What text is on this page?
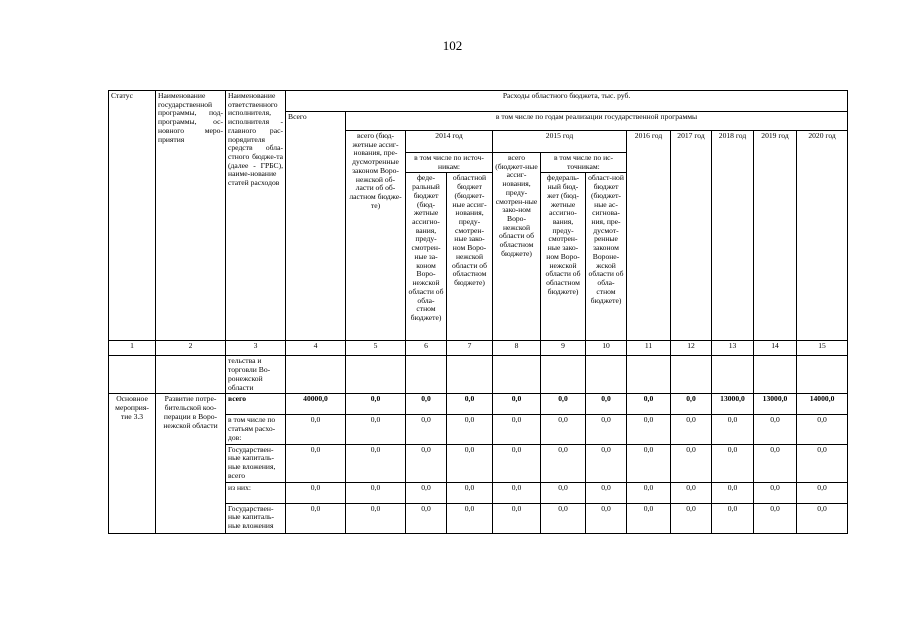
102
Статус	Наименование государственной программы, под-программы, ос-новного меро-приятия	Наименование ответственного исполнителя, исполнителя - главного рас-порядителя средств обла-стного бюдже-та (далее - ГРБС), наиме-нование статей расходов	Расходы областного бюджета, тыс. руб.											
			Всего	в том числе по годам реализации государственной программы										
				всего (бюд-жетные ассиг-нования, пре-дусмотренные законом Воро-нежской об-ласти об об-ластном бюдже-те)	2014 год		2015 год			2016 год	2017 год	2018 год	2019 год	2020 год
					в том числе по источ-никам:		всего (бюджет-ные ассиг-нования, преду-смотрен-ные зако-ном Воро-нежской области об областном бюджете)	в том числе по ис-точникам:						
					феде-ральный бюджет (бюд-жетные ассигно-вания, преду-смотрен-ные за-коном Воро-нежской области об обла-стном бюджете)	областной бюджет (бюджет-ные ассиг-нования, преду-смотрен-ные зако-ном Воро-нежской области об областном бюджете)		федераль-ный бюд-жет (бюд-жетные ассигно-вания, преду-смотрен-ные зако-ном Воро-нежской области об областном бюджете)	област-ной бюджет (бюджет-ные ас-сигнова-ния, пре-дусмот-ренные законом Вороне-жской области об обла-стном бюджете)					
1	2	3	4	5	6	7	8	9	10	11	12	13	14	15
		тельства и торговли Во-ронежской области												
Основное мероприя-тие 3.3	Развитие потре-бительской коо-перации в Воро-нежской области	всего	40000,0	0,0	0,0	0,0	0,0	0,0	0,0	0,0	0,0	13000,0	13000,0	14000,0
		в том числе по статьям расхо-дов:	0,0	0,0	0,0	0,0	0,0	0,0	0,0	0,0	0,0	0,0	0,0	0,0
		Государствен-ные капиталь-ные вложения, всего	0,0	0,0	0,0	0,0	0,0	0,0	0,0	0,0	0,0	0,0	0,0	0,0
		из них:	0,0	0,0	0,0	0,0	0,0	0,0	0,0	0,0	0,0	0,0	0,0	0,0
		Государствен-ные капиталь-ные вложения	0,0	0,0	0,0	0,0	0,0	0,0	0,0	0,0	0,0	0,0	0,0	0,0
